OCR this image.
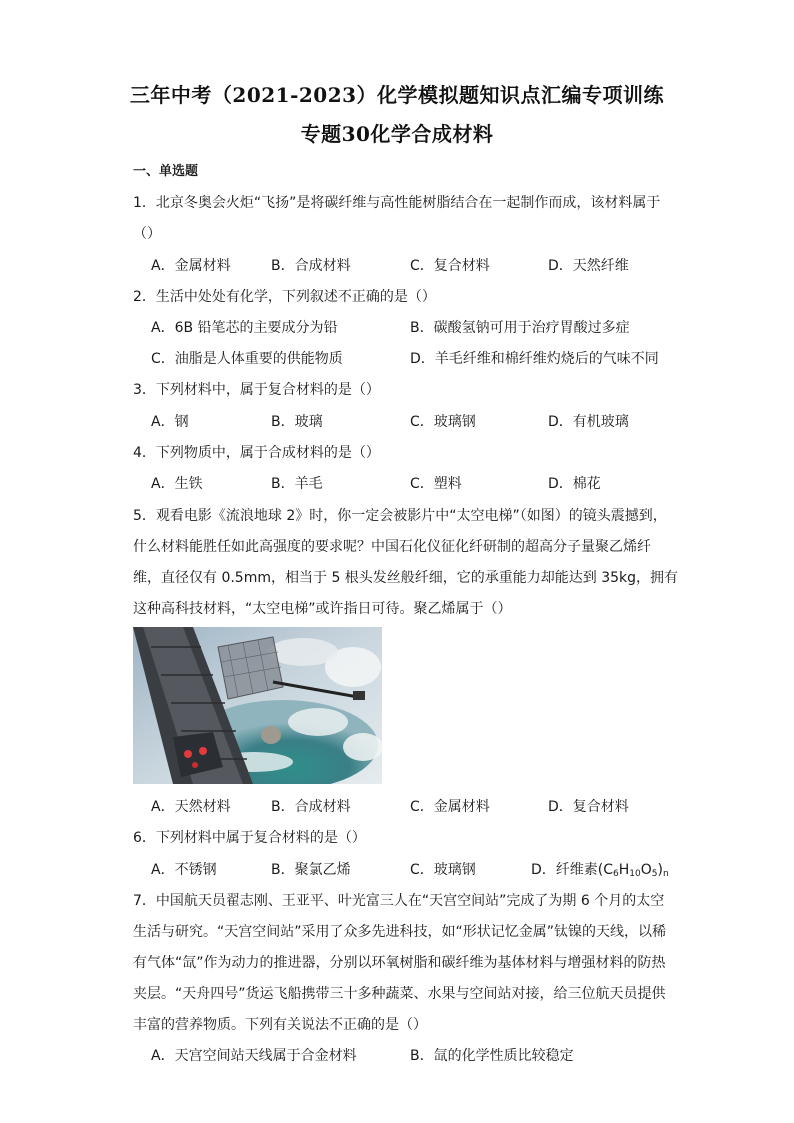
三年中考（2021-2023）化学模拟题知识点汇编专项训练
专题30化学合成材料
一、单选题
1．北京冬奥会火炬“飞扬”是将碳纤维与高性能树脂结合在一起制作而成，该材料属于
（）
A．金属材料	B．合成材料	C．复合材料	D．天然纤维
2．生活中处处有化学，下列叙述不正确的是（）
A．6B 铅笔芯的主要成分为铅	B．碳酸氢钠可用于治疗胃酸过多症
C．油脂是人体重要的供能物质	D．羊毛纤维和棉纤维灼烧后的气味不同
3．下列材料中，属于复合材料的是（）
A．钢	B．玻璃	C．玻璃钢	D．有机玻璃
4．下列物质中，属于合成材料的是（）
A．生铁	B．羊毛	C．塑料	D．棉花
5．观看电影《流浪地球 2》时，你一定会被影片中“太空电梯”（如图）的镜头震撼到，
什么材料能胜任如此高强度的要求呢？中国石化仪征化纤研制的超高分子量聚乙烯纤
维，直径仅有 0.5mm，相当于 5 根头发丝般纤细，它的承重能力却能达到 35kg，拥有
这种高科技材料，“太空电梯”或许指日可待。聚乙烯属于（）
A．天然材料	B．合成材料	C．金属材料	D．复合材料
6．下列材料中属于复合材料的是（）
A．不锈钢	B．聚氯乙烯	C．玻璃钢	D．纤维素$(C_6H_{10}O_5)_n$
7．中国航天员翟志刚、王亚平、叶光富三人在“天宫空间站”完成了为期 6 个月的太空
生活与研究。“天宫空间站”采用了众多先进科技，如“形状记忆金属”钛镍的天线，以稀
有气体“氙”作为动力的推进器，分别以环氧树脂和碳纤维为基体材料与增强材料的防热
夹层。“天舟四号”货运飞船携带三十多种蔬菜、水果与空间站对接，给三位航天员提供
丰富的营养物质。下列有关说法不正确的是（）
A．天宫空间站天线属于合金材料	B．氙的化学性质比较稳定
